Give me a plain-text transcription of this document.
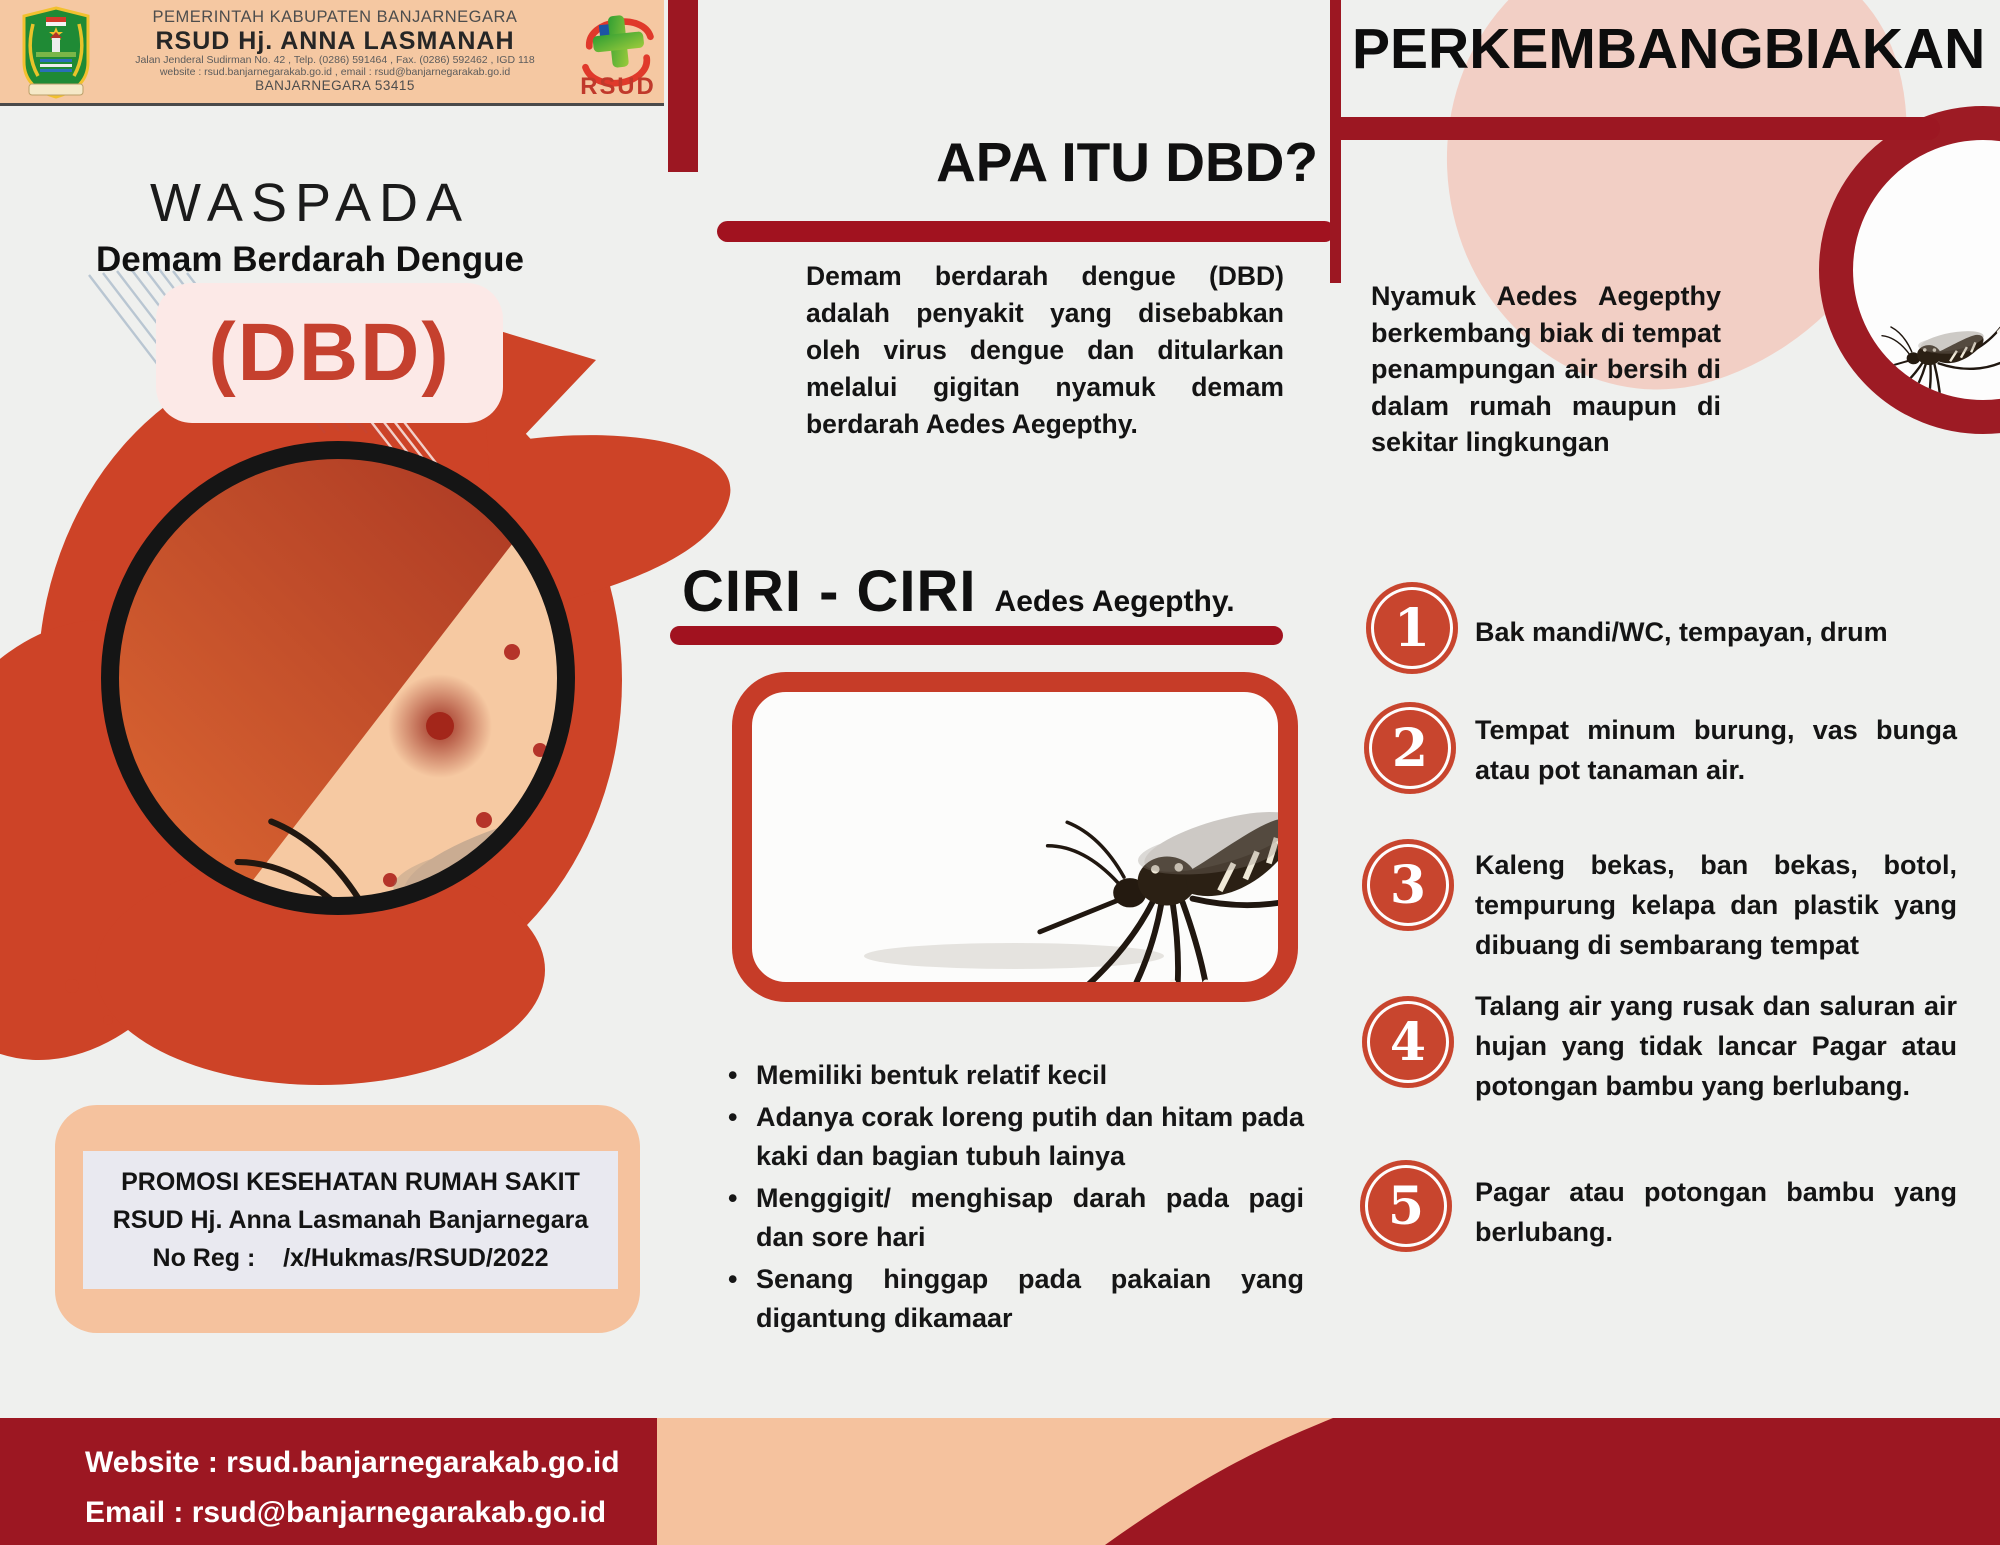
PEMERINTAH KABUPATEN BANJARNEGARA
RSUD Hj. ANNA LASMANAH
Jalan Jenderal Sudirman No. 42 , Telp. (0286) 591464 , Fax. (0286) 592462 , IGD 118
website : rsud.banjarnegarakab.go.id , email : rsud@banjarnegarakab.go.id
BANJARNEGARA 53415	RSUD
WASPADA
Demam Berdarah Dengue
(DBD)
PROMOSI KESEHATAN RUMAH SAKIT
RSUD Hj. Anna Lasmanah Banjarnegara
No Reg :    /x/Hukmas/RSUD/2022
APA ITU DBD?

Demam berdarah dengue (DBD) adalah penyakit yang disebabkan oleh virus dengue dan ditularkan melalui gigitan nyamuk demam berdarah Aedes Aegepthy.

CIRI - CIRI Aedes Aegepthy.
• Memiliki bentuk relatif kecil
• Adanya corak loreng putih dan hitam pada kaki dan bagian tubuh lainya
• Menggigit/ menghisap darah pada pagi dan sore hari
• Senang hinggap pada pakaian yang digantung dikamaar
PERKEMBANGBIAKAN

Nyamuk Aedes Aegepthy berkembang biak di tempat penampungan air bersih di dalam rumah maupun di sekitar lingkungan

1 Bak mandi/WC, tempayan, drum
2 Tempat minum burung, vas bunga atau pot tanaman air.
3 Kaleng bekas, ban bekas, botol, tempurung kelapa dan plastik yang dibuang di sembarang tempat
4
Talang air yang rusak dan saluran air hujan yang tidak lancar Pagar atau potongan bambu yang berlubang.
5 Pagar atau potongan bambu yang berlubang.
Website : rsud.banjarnegarakab.go.id
Email : rsud@banjarnegarakab.go.id
